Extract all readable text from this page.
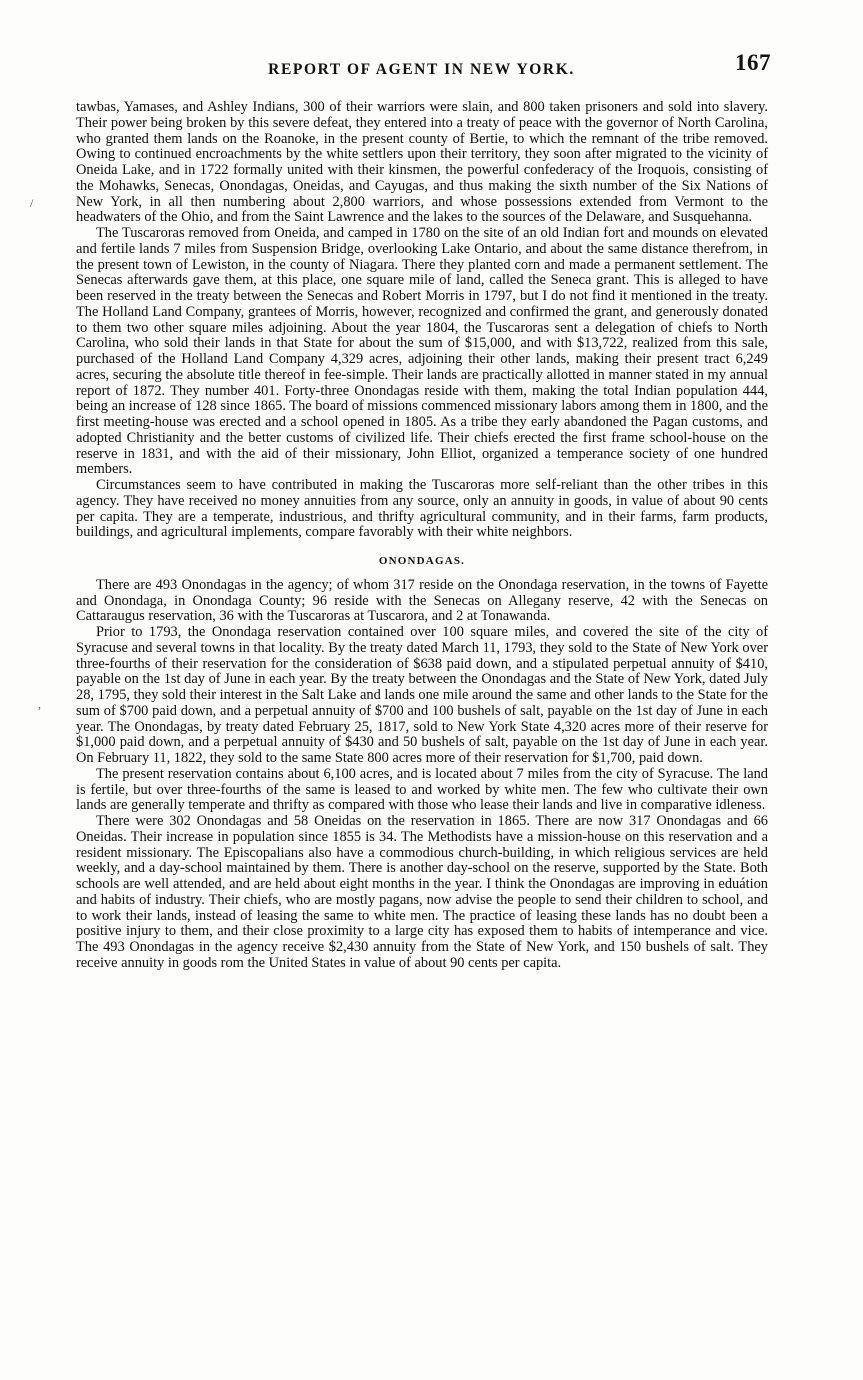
REPORT OF AGENT IN NEW YORK.	167

tawbas, Yamases, and Ashley Indians, 300 of their warriors were slain, and 800 taken prisoners and sold into slavery. Their power being broken by this severe defeat, they entered into a treaty of peace with the governor of North Carolina, who granted them lands on the Roanoke, in the present county of Bertie, to which the remnant of the tribe removed. Owing to continued encroachments by the white settlers upon their territory, they soon after migrated to the vicinity of Oneida Lake, and in 1722 formally united with their kinsmen, the powerful confederacy of the Iroquois, consisting of the Mohawks, Senecas, Onondagas, Oneidas, and Cayugas, and thus making the sixth number of the Six Nations of New York, in all then numbering about 2,800 warriors, and whose possessions extended from Vermont to the headwaters of the Ohio, and from the Saint Lawrence and the lakes to the sources of the Delaware, and Susquehanna.

The Tuscaroras removed from Oneida, and camped in 1780 on the site of an old Indian fort and mounds on elevated and fertile lands 7 miles from Suspension Bridge, overlooking Lake Ontario, and about the same distance therefrom, in the present town of Lewiston, in the county of Niagara. There they planted corn and made a permanent settlement. The Senecas afterwards gave them, at this place, one square mile of land, called the Seneca grant. This is alleged to have been reserved in the treaty between the Senecas and Robert Morris in 1797, but I do not find it mentioned in the treaty. The Holland Land Company, grantees of Morris, however, recognized and confirmed the grant, and generously donated to them two other square miles adjoining. About the year 1804, the Tuscaroras sent a delegation of chiefs to North Carolina, who sold their lands in that State for about the sum of $15,000, and with $13,722, realized from this sale, purchased of the Holland Land Company 4,329 acres, adjoining their other lands, making their present tract 6,249 acres, securing the absolute title thereof in fee-simple. Their lands are practically allotted in manner stated in my annual report of 1872. They number 401. Forty-three Onondagas reside with them, making the total Indian population 444, being an increase of 128 since 1865. The board of missions commenced missionary labors among them in 1800, and the first meeting-house was erected and a school opened in 1805. As a tribe they early abandoned the Pagan customs, and adopted Christianity and the better customs of civilized life. Their chiefs erected the first frame school-house on the reserve in 1831, and with the aid of their missionary, John Elliot, organized a temperance society of one hundred members.

Circumstances seem to have contributed in making the Tuscaroras more self-reliant than the other tribes in this agency. They have received no money annuities from any source, only an annuity in goods, in value of about 90 cents per capita. They are a temperate, industrious, and thrifty agricultural community, and in their farms, farm products, buildings, and agricultural implements, compare favorably with their white neighbors.

ONONDAGAS.

There are 493 Onondagas in the agency; of whom 317 reside on the Onondaga reservation, in the towns of Fayette and Onondaga, in Onondaga County; 96 reside with the Senecas on Allegany reserve, 42 with the Senecas on Cattaraugus reservation, 36 with the Tuscaroras at Tuscarora, and 2 at Tonawanda.

Prior to 1793, the Onondaga reservation contained over 100 square miles, and covered the site of the city of Syracuse and several towns in that locality. By the treaty dated March 11, 1793, they sold to the State of New York over three-fourths of their reservation for the consideration of $638 paid down, and a stipulated perpetual annuity of $410, payable on the 1st day of June in each year. By the treaty between the Onondagas and the State of New York, dated July 28, 1795, they sold their interest in the Salt Lake and lands one mile around the same and other lands to the State for the sum of $700 paid down, and a perpetual annuity of $700 and 100 bushels of salt, payable on the 1st day of June in each year. The Onondagas, by treaty dated February 25, 1817, sold to New York State 4,320 acres more of their reserve for $1,000 paid down, and a perpetual annuity of $430 and 50 bushels of salt, payable on the 1st day of June in each year. On February 11, 1822, they sold to the same State 800 acres more of their reservation for $1,700, paid down.

The present reservation contains about 6,100 acres, and is located about 7 miles from the city of Syracuse. The land is fertile, but over three-fourths of the same is leased to and worked by white men. The few who cultivate their own lands are generally temperate and thrifty as compared with those who lease their lands and live in comparative idleness.

There were 302 Onondagas and 58 Oneidas on the reservation in 1865. There are now 317 Onondagas and 66 Oneidas. Their increase in population since 1855 is 34. The Methodists have a mission-house on this reservation and a resident missionary. The Episcopalians also have a commodious church-building, in which religious services are held weekly, and a day-school maintained by them. There is another day-school on the reserve, supported by the State. Both schools are well attended, and are held about eight months in the year. I think the Onondagas are improving in eduátion and habits of industry. Their chiefs, who are mostly pagans, now advise the people to send their children to school, and to work their lands, instead of leasing the same to white men. The practice of leasing these lands has no doubt been a positive injury to them, and their close proximity to a large city has exposed them to habits of intemperance and vice. The 493 Onondagas in the agency receive $2,430 annuity from the State of New York, and 150 bushels of salt. They receive annuity in goods rom the United States in value of about 90 cents per capita.

/
,
